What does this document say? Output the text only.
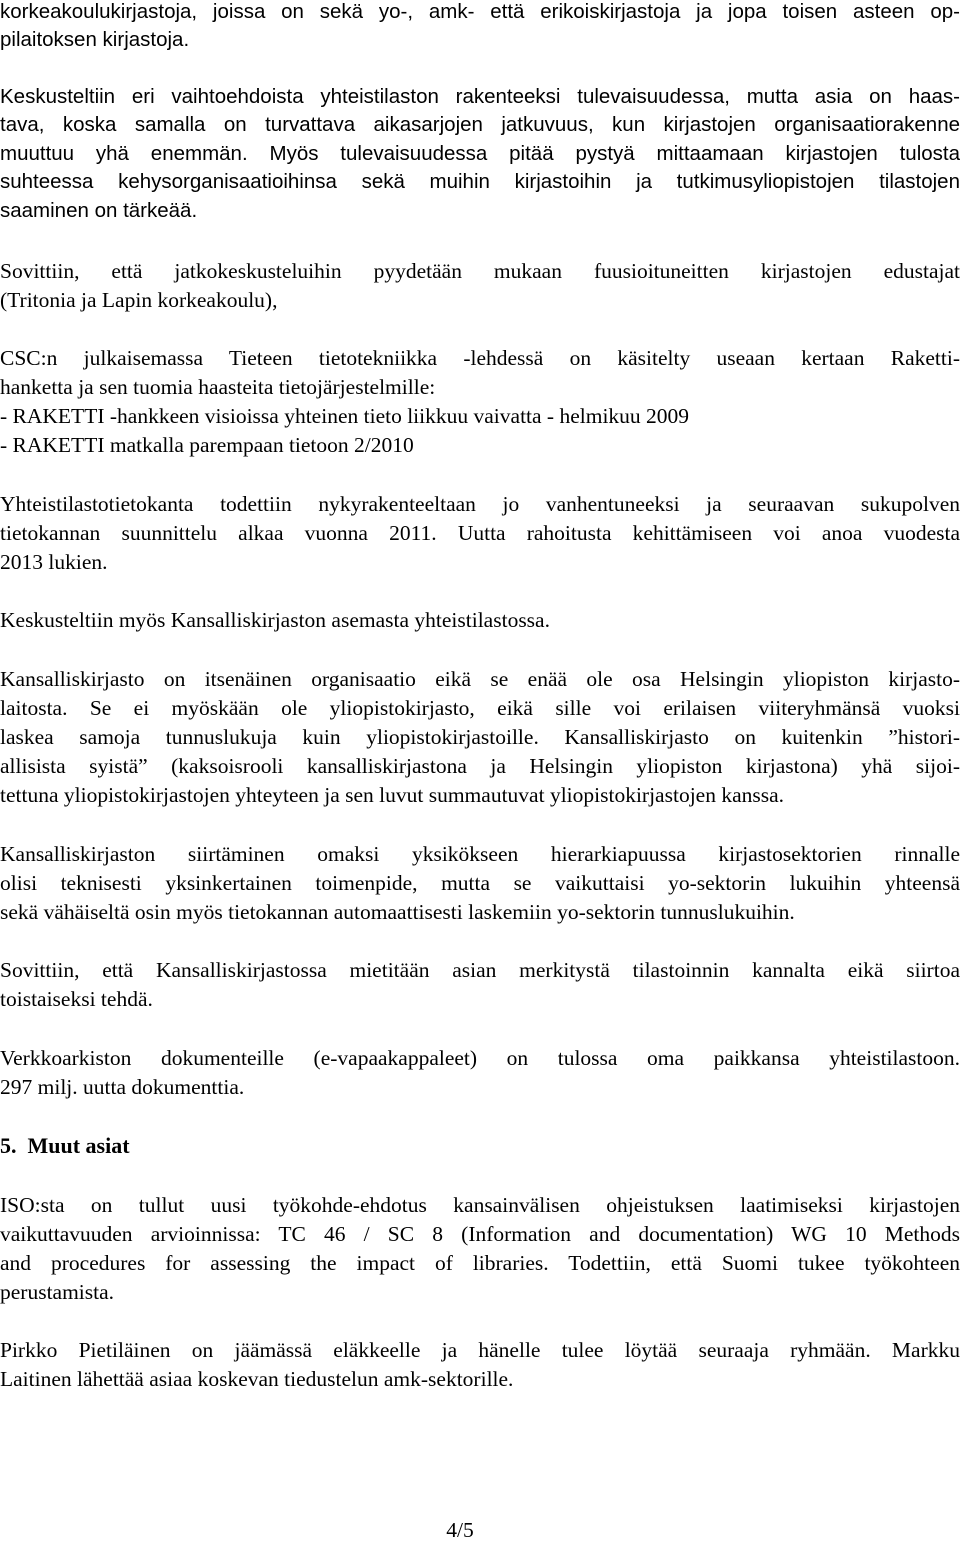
korkeakoulukirjastoja, joissa on sekä yo-, amk- että erikoiskirjastoja ja jopa toisen asteen op-
pilaitoksen kirjastoja.
Keskusteltiin eri vaihtoehdoista yhteistilaston rakenteeksi tulevaisuudessa, mutta asia on haas-
tava, koska samalla on turvattava aikasarjojen jatkuvuus, kun kirjastojen organisaatiorakenne
muuttuu yhä enemmän. Myös tulevaisuudessa pitää pystyä mittaamaan kirjastojen tulosta
suhteessa kehysorganisaatioihinsa sekä muihin kirjastoihin ja tutkimusyliopistojen tilastojen
saaminen on tärkeää.
Sovittiin, että jatkokeskusteluihin pyydetään mukaan fuusioituneitten kirjastojen edustajat
(Tritonia ja Lapin korkeakoulu),
CSC:n julkaisemassa Tieteen tietotekniikka -lehdessä on käsitelty useaan kertaan Raketti-
hanketta ja sen tuomia haasteita tietojärjestelmille:
- RAKETTI -hankkeen visioissa yhteinen tieto liikkuu vaivatta - helmikuu 2009
- RAKETTI matkalla parempaan tietoon 2/2010
Yhteistilastotietokanta todettiin nykyrakenteeltaan jo vanhentuneeksi ja seuraavan sukupolven
tietokannan suunnittelu alkaa vuonna 2011. Uutta rahoitusta kehittämiseen voi anoa vuodesta
2013 lukien.
Keskusteltiin myös Kansalliskirjaston asemasta yhteistilastossa.
Kansalliskirjasto on itsenäinen organisaatio eikä se enää ole osa Helsingin yliopiston kirjasto-
laitosta. Se ei myöskään ole yliopistokirjasto, eikä sille voi erilaisen viiteryhmänsä vuoksi
laskea samoja tunnuslukuja kuin yliopistokirjastoille. Kansalliskirjasto on kuitenkin ”histori-
allisista syistä” (kaksoisrooli kansalliskirjastona ja Helsingin yliopiston kirjastona) yhä sijoi-
tettuna yliopistokirjastojen yhteyteen ja sen luvut summautuvat yliopistokirjastojen kanssa.
Kansalliskirjaston siirtäminen omaksi yksikökseen hierarkiapuussa kirjastosektorien rinnalle
olisi teknisesti yksinkertainen toimenpide, mutta se vaikuttaisi yo-sektorin lukuihin yhteensä
sekä vähäiseltä osin myös tietokannan automaattisesti laskemiin yo-sektorin tunnuslukuihin.
Sovittiin, että Kansalliskirjastossa mietitään asian merkitystä tilastoinnin kannalta eikä siirtoa
toistaiseksi tehdä.
Verkkoarkiston dokumenteille (e-vapaakappaleet) on tulossa oma paikkansa yhteistilastoon.
297 milj. uutta dokumenttia.
5.  Muut asiat
ISO:sta on tullut uusi työkohde-ehdotus kansainvälisen ohjeistuksen laatimiseksi kirjastojen
vaikuttavuuden arvioinnissa: TC 46 / SC 8 (Information and documentation) WG 10 Methods
and procedures for assessing the impact of libraries. Todettiin, että Suomi tukee työkohteen
perustamista.
Pirkko Pietiläinen on jäämässä eläkkeelle ja hänelle tulee löytää seuraaja ryhmään. Markku
Laitinen lähettää asiaa koskevan tiedustelun amk-sektorille.
4/5
